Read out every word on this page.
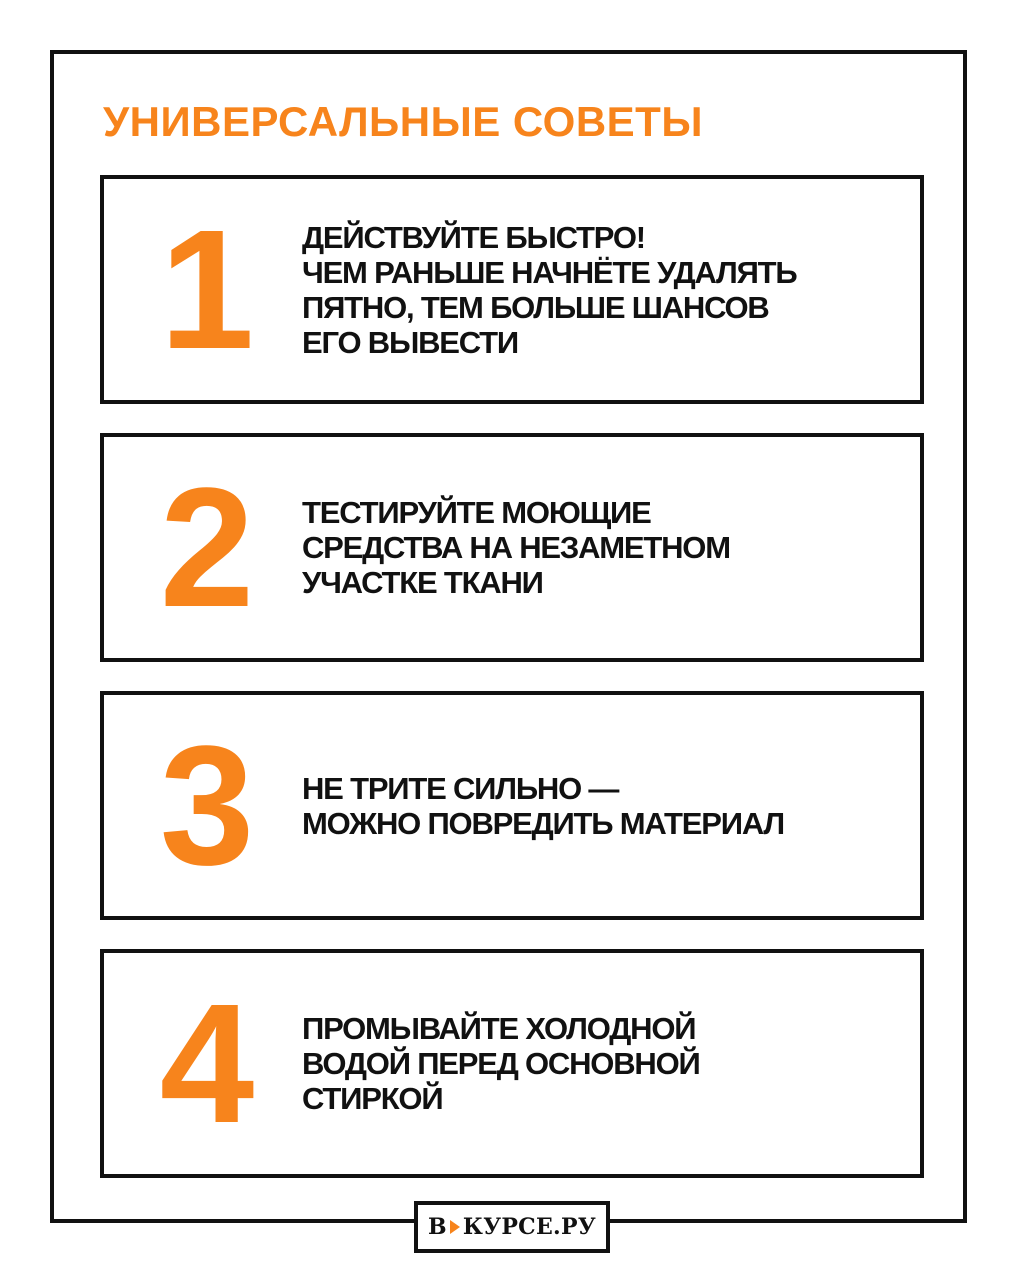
УНИВЕРСАЛЬНЫЕ СОВЕТЫ
1	ДЕЙСТВУЙТЕ БЫСТРО!
ЧЕМ РАНЬШЕ НАЧНЁТЕ УДАЛЯТЬ
ПЯТНО, ТЕМ БОЛЬШЕ ШАНСОВ
ЕГО ВЫВЕСТИ
2	ТЕСТИРУЙТЕ МОЮЩИЕ
СРЕДСТВА НА НЕЗАМЕТНОМ
УЧАСТКЕ ТКАНИ
3	НЕ ТРИТЕ СИЛЬНО —
МОЖНО ПОВРЕДИТЬ МАТЕРИАЛ
4	ПРОМЫВАЙТЕ ХОЛОДНОЙ
ВОДОЙ ПЕРЕД ОСНОВНОЙ
СТИРКОЙ
В КУРСЕ.РУ
